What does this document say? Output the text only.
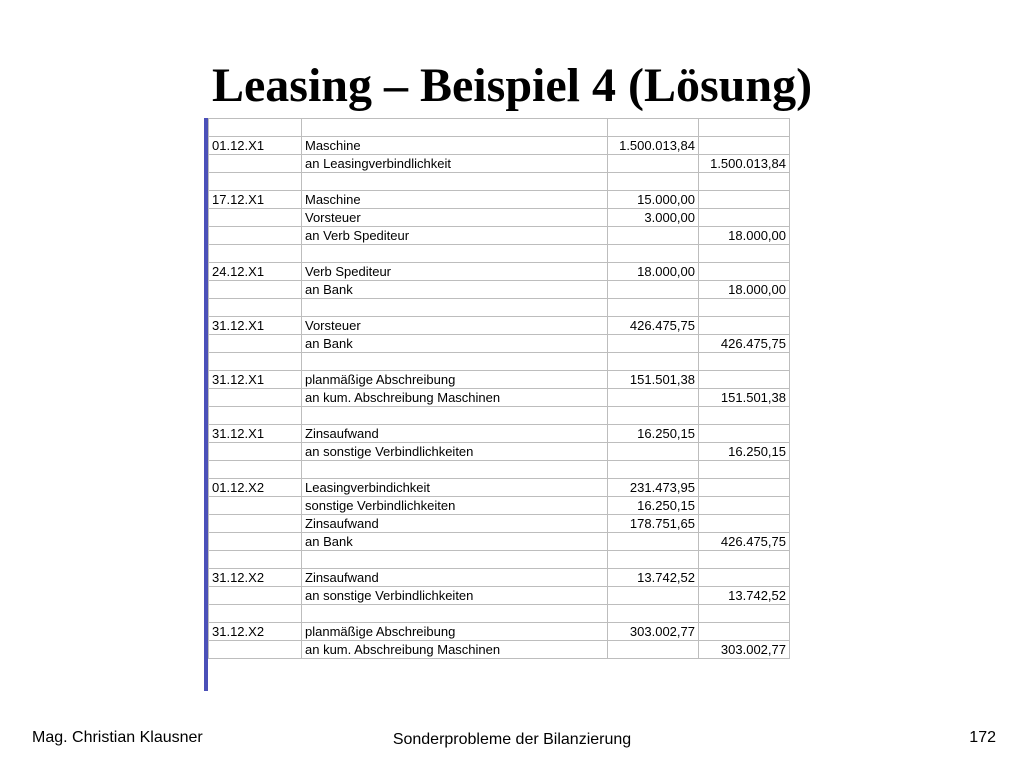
Leasing – Beispiel 4 (Lösung)

01.12.X1	Maschine	1.500.013,84	
	an Leasingverbindlichkeit		1.500.013,84

17.12.X1	Maschine	15.000,00	
	Vorsteuer	3.000,00	
	an Verb Spediteur		18.000,00

24.12.X1	Verb Spediteur	18.000,00	
	an Bank		18.000,00

31.12.X1	Vorsteuer	426.475,75	
	an Bank		426.475,75

31.12.X1	planmäßige Abschreibung	151.501,38	
	an kum. Abschreibung Maschinen		151.501,38

31.12.X1	Zinsaufwand	16.250,15	
	an sonstige Verbindlichkeiten		16.250,15

01.12.X2	Leasingverbindichkeit	231.473,95	
	sonstige Verbindlichkeiten	16.250,15	
	Zinsaufwand	178.751,65	
	an Bank		426.475,75

31.12.X2	Zinsaufwand	13.742,52	
	an sonstige Verbindlichkeiten		13.742,52

31.12.X2	planmäßige Abschreibung	303.002,77	
	an kum. Abschreibung Maschinen		303.002,77
Mag. Christian Klausner	Sonderprobleme der Bilanzierung	172
